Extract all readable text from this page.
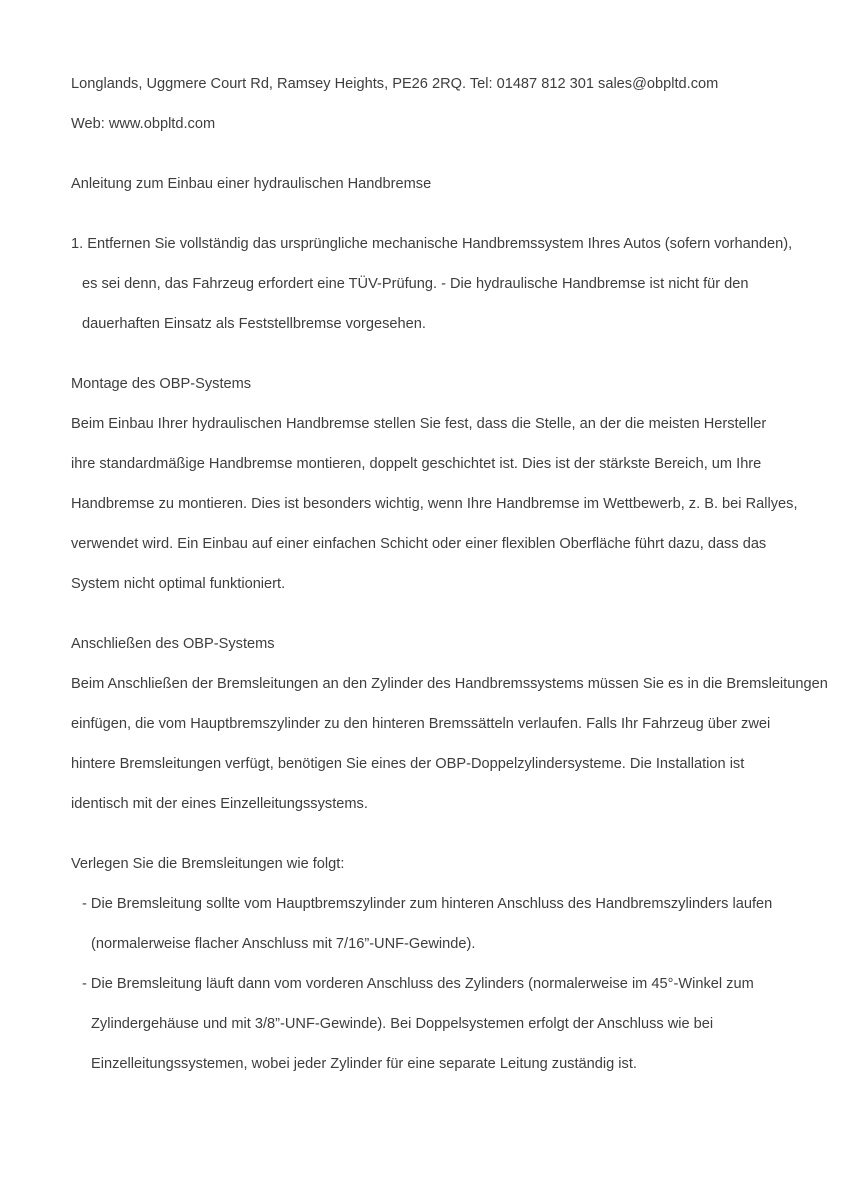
Longlands, Uggmere Court Rd, Ramsey Heights, PE26 2RQ. Tel: 01487 812 301 sales@obpltd.com

Web: www.obpltd.com

Anleitung zum Einbau einer hydraulischen Handbremse

1. Entfernen Sie vollständig das ursprüngliche mechanische Handbremssystem Ihres Autos (sofern vorhanden),

es sei denn, das Fahrzeug erfordert eine TÜV-Prüfung. - Die hydraulische Handbremse ist nicht für den

dauerhaften Einsatz als Feststellbremse vorgesehen.

Montage des OBP-Systems

Beim Einbau Ihrer hydraulischen Handbremse stellen Sie fest, dass die Stelle, an der die meisten Hersteller

ihre standardmäßige Handbremse montieren, doppelt geschichtet ist. Dies ist der stärkste Bereich, um Ihre

Handbremse zu montieren. Dies ist besonders wichtig, wenn Ihre Handbremse im Wettbewerb, z. B. bei Rallyes,

verwendet wird. Ein Einbau auf einer einfachen Schicht oder einer flexiblen Oberfläche führt dazu, dass das

System nicht optimal funktioniert.

Anschließen des OBP-Systems

Beim Anschließen der Bremsleitungen an den Zylinder des Handbremssystems müssen Sie es in die Bremsleitungen

einfügen, die vom Hauptbremszylinder zu den hinteren Bremssätteln verlaufen. Falls Ihr Fahrzeug über zwei

hintere Bremsleitungen verfügt, benötigen Sie eines der OBP-Doppelzylindersysteme. Die Installation ist

identisch mit der eines Einzelleitungssystems.

Verlegen Sie die Bremsleitungen wie folgt:

- Die Bremsleitung sollte vom Hauptbremszylinder zum hinteren Anschluss des Handbremszylinders laufen

(normalerweise flacher Anschluss mit 7/16”-UNF-Gewinde).

- Die Bremsleitung läuft dann vom vorderen Anschluss des Zylinders (normalerweise im 45°-Winkel zum

Zylindergehäuse und mit 3/8”-UNF-Gewinde). Bei Doppelsystemen erfolgt der Anschluss wie bei

Einzelleitungssystemen, wobei jeder Zylinder für eine separate Leitung zuständig ist.
